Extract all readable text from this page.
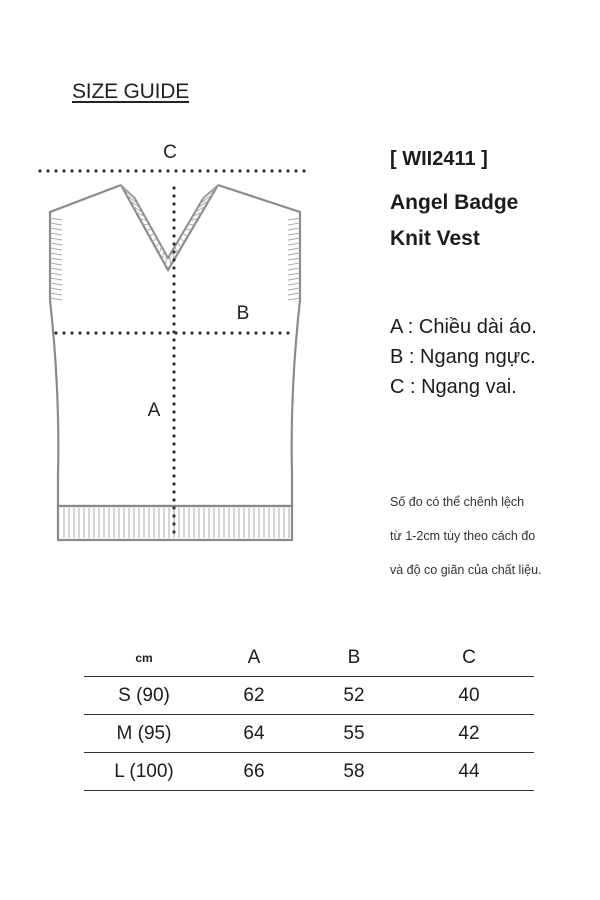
SIZE GUIDE
C
B
A
[ WII2411 ]
Angel Badge
Knit Vest
A : Chiều dài áo.
B : Ngang ngực.
C : Ngang vai.
Số đo có thể chênh lệch
từ 1-2cm tùy theo cách đo
và độ co giãn của chất liệu.
cm	A	B	C
S (90)	62	52	40
M (95)	64	55	42
L (100)	66	58	44
